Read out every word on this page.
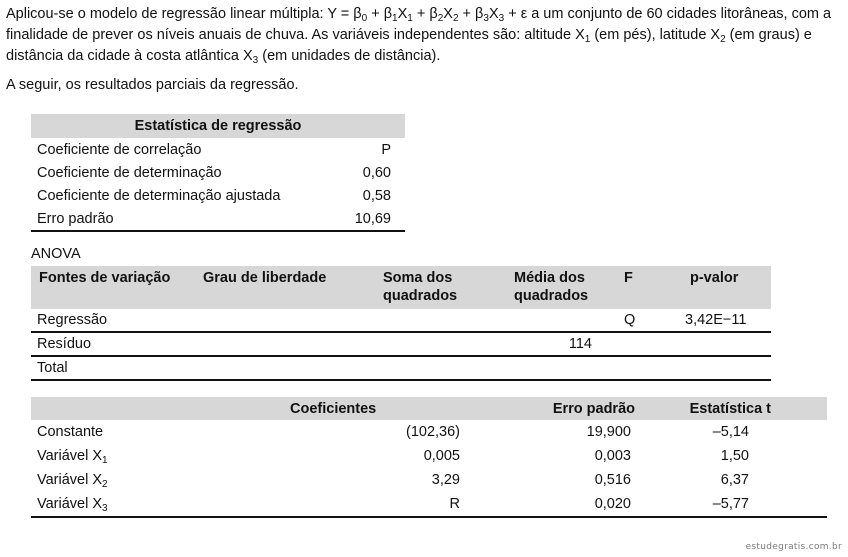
Aplicou-se o modelo de regressão linear múltipla: $Y = \beta_0 + \beta_1X_1 + \beta_2X_2 + \beta_3X_3 + \varepsilon$ a um conjunto de 60 cidades litorâneas, com a finalidade de prever os níveis anuais de chuva. As variáveis independentes são: altitude $X_1$ (em pés), latitude $X_2$ (em graus) e distância da cidade à costa atlântica $X_3$ (em unidades de distância).

A seguir, os resultados parciais da regressão.
Estatística de regressão	
Coeficiente de correlação	P
Coeficiente de determinação	0,60
Coeficiente de determinação ajustada	0,58
Erro padrão	10,69
ANOVA
Fontes de variação	Grau de liberdade	Soma dos quadrados	Média dos quadrados	F	p-valor
Regressão				Q	3,42E−11
Resíduo			114		
Total					
	Coeficientes	Erro padrão	Estatística t
Constante	(102,36)	19,900	–5,14
Variável $X_1$	0,005	0,003	1,50
Variável $X_2$	3,29	0,516	6,37
Variável $X_3$	R	0,020	–5,77
estudegratis.com.br
